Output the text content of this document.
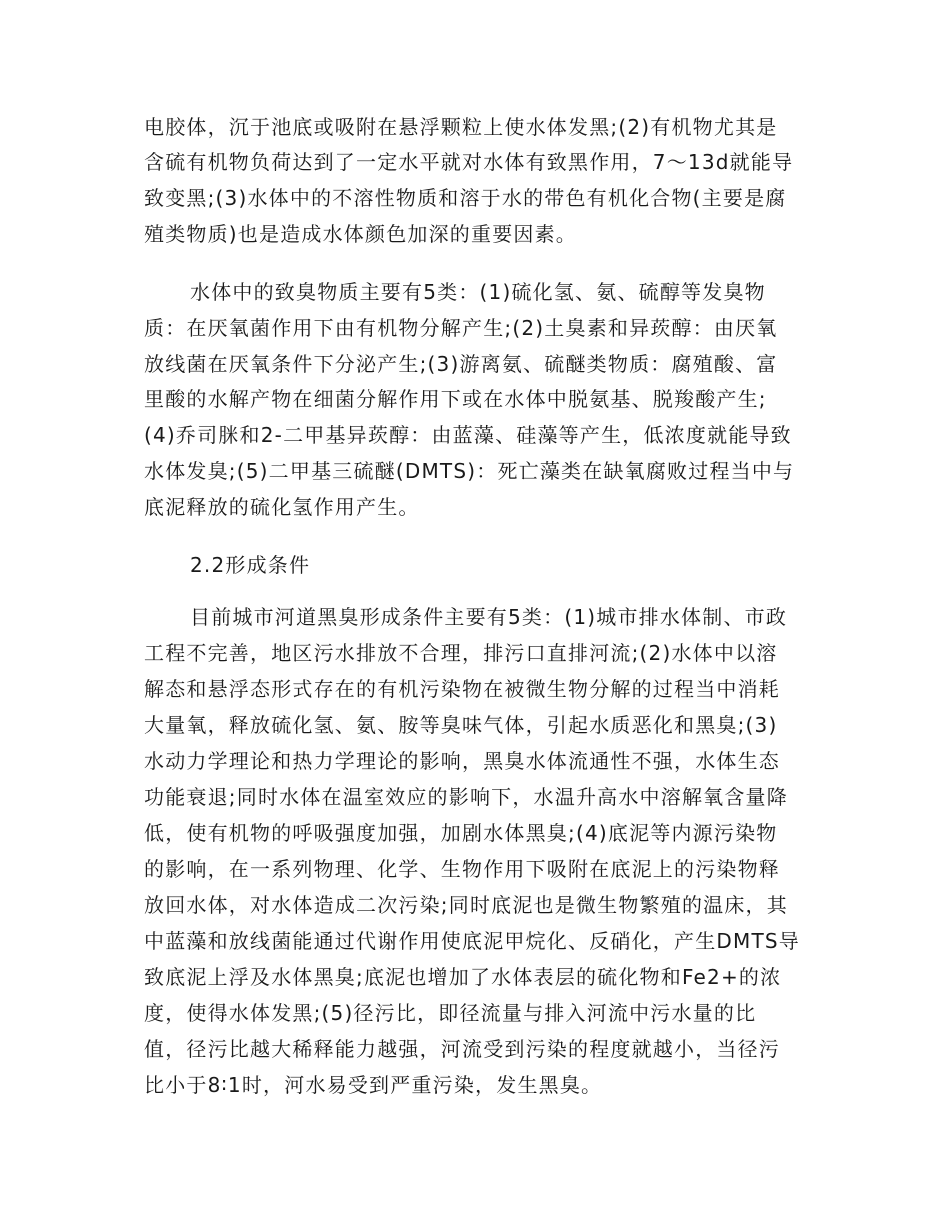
电胶体，沉于池底或吸附在悬浮颗粒上使水体发黑;(2)有机物尤其是
含硫有机物负荷达到了一定水平就对水体有致黑作用，7～13d就能导
致变黑;(3)水体中的不溶性物质和溶于水的带色有机化合物(主要是腐
殖类物质)也是造成水体颜色加深的重要因素。
水体中的致臭物质主要有5类：(1)硫化氢、氨、硫醇等发臭物
质：在厌氧菌作用下由有机物分解产生;(2)土臭素和异莰醇：由厌氧
放线菌在厌氧条件下分泌产生;(3)游离氨、硫醚类物质：腐殖酸、富
里酸的水解产物在细菌分解作用下或在水体中脱氨基、脱羧酸产生;
(4)乔司脒和2-二甲基异莰醇：由蓝藻、硅藻等产生，低浓度就能导致
水体发臭;(5)二甲基三硫醚(DMTS)：死亡藻类在缺氧腐败过程当中与
底泥释放的硫化氢作用产生。
2.2形成条件
目前城市河道黑臭形成条件主要有5类：(1)城市排水体制、市政
工程不完善，地区污水排放不合理，排污口直排河流;(2)水体中以溶
解态和悬浮态形式存在的有机污染物在被微生物分解的过程当中消耗
大量氧，释放硫化氢、氨、胺等臭味气体，引起水质恶化和黑臭;(3)
水动力学理论和热力学理论的影响，黑臭水体流通性不强，水体生态
功能衰退;同时水体在温室效应的影响下，水温升高水中溶解氧含量降
低，使有机物的呼吸强度加强，加剧水体黑臭;(4)底泥等内源污染物
的影响，在一系列物理、化学、生物作用下吸附在底泥上的污染物释
放回水体，对水体造成二次污染;同时底泥也是微生物繁殖的温床，其
中蓝藻和放线菌能通过代谢作用使底泥甲烷化、反硝化，产生DMTS导
致底泥上浮及水体黑臭;底泥也增加了水体表层的硫化物和Fe2+的浓
度，使得水体发黑;(5)径污比，即径流量与排入河流中污水量的比
值，径污比越大稀释能力越强，河流受到污染的程度就越小，当径污
比小于8∶1时，河水易受到严重污染，发生黑臭。
